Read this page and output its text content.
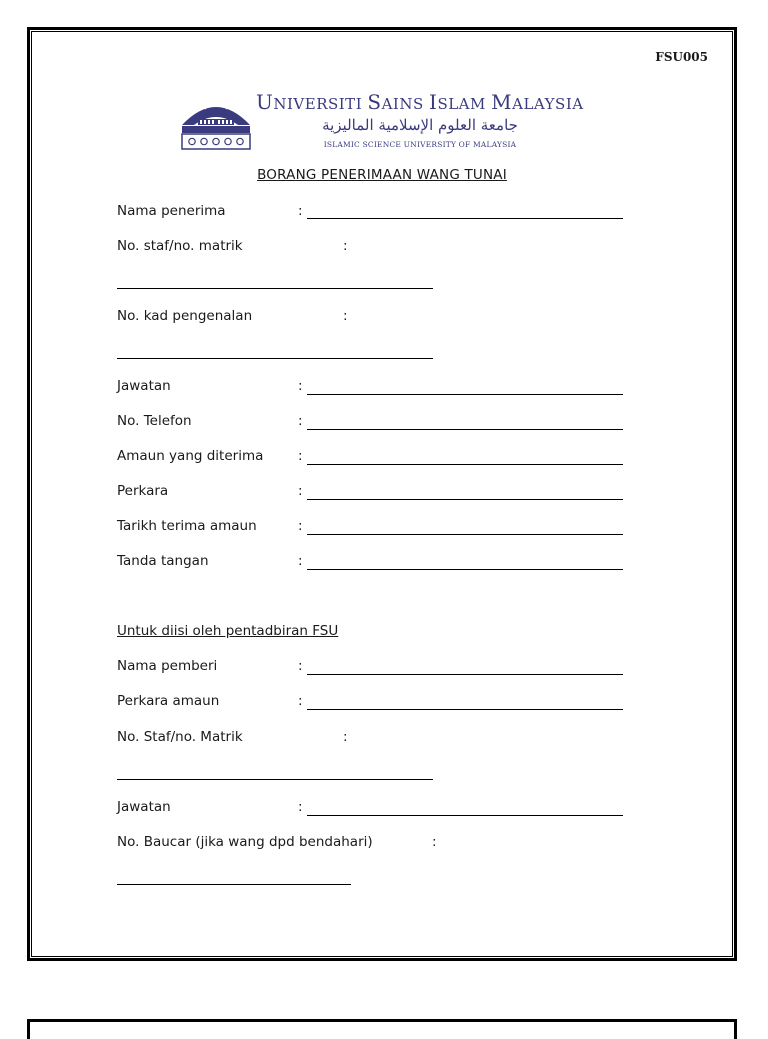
FSU005
UNIVERSITI SAINS ISLAM MALAYSIA
جامعة العلوم الإسلامية الماليزية
ISLAMIC SCIENCE UNIVERSITY OF MALAYSIA
BORANG PENERIMAAN WANG TUNAI
Nama penerima	:
No. staf/no. matrik	:
No. kad pengenalan	:
Jawatan	:
No. Telefon	:
Amaun yang diterima	:
Perkara	:
Tarikh terima amaun	:
Tanda tangan	:
Untuk diisi oleh pentadbiran FSU
Nama pemberi	:
Perkara amaun	:
No. Staf/no. Matrik	:
Jawatan	:
No. Baucar (jika wang dpd bendahari)	:
